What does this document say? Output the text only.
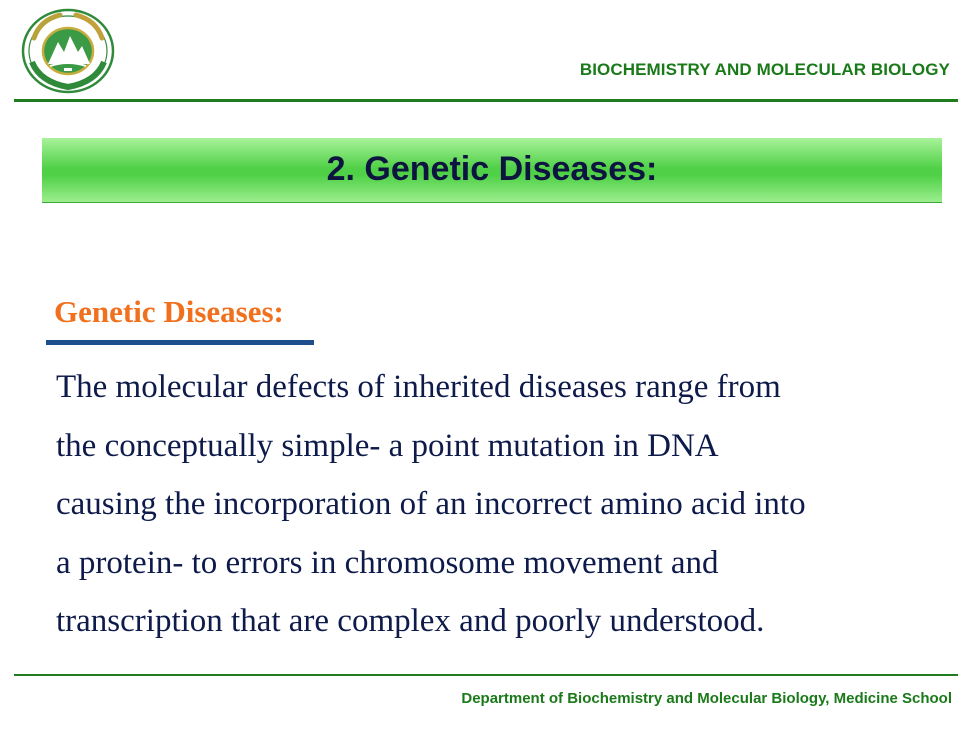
BIOCHEMISTRY AND MOLECULAR BIOLOGY
2. Genetic Diseases:
Genetic Diseases:

The molecular defects of inherited diseases range from
the conceptually simple- a point mutation in DNA
causing the incorporation of an incorrect amino acid into
a protein- to errors in chromosome movement and
transcription that are complex and poorly understood.

Department of Biochemistry and Molecular Biology, Medicine School
